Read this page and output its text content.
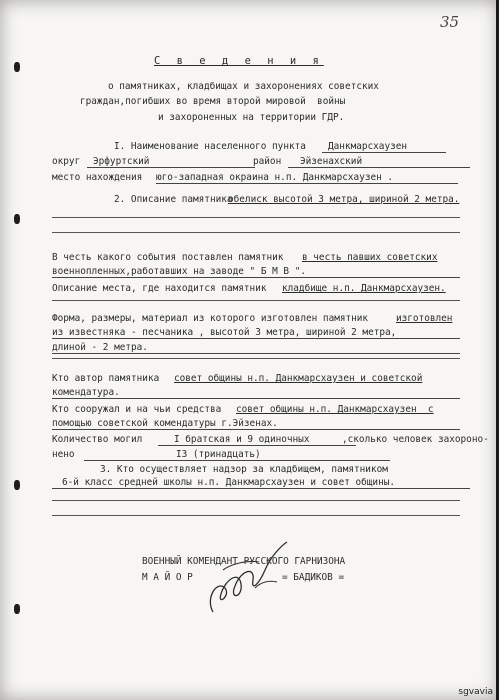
35
С в е д е н и я
о памятниках, кладбищах и захоронениях советских
граждан,погибших во время второй мировой  войны
и захороненных на территории ГДР.
I. Наименование населенного пункта	Данкмарсхаузен
округ	Эрфуртский	район	Эйзенахский
место нахождения юго-западная окраина н.п. Данкмарсхаузен .
2. Описание памятника
обелиск высотой 3 метра, шириной 2 метра.
В честь какого события поставлен памятник в честь павших советских
военнопленных,работавших на заводе " Б М В ".
Описание места, где находится памятник кладбище н.п. Данкмарсхаузен.
Форма, размеры, материал из которого изготовлен памятник	изготовлен
из известняка - песчаника , высотой 3 метра, шириной 2 метра,
длиной - 2 метра.
Кто автор памятника совет общины н.п. Данкмарсхаузен и советской
комендатура.
Кто сооружал и на чьи средства совет общины н.п. Данкмарсхаузен  с
помощью советской комендатуры г.Эйзенах.
Количество могил	I братская и 9 одиночных	,сколько человек захороно-
нено	I3 (тринадцать)
3. Кто осуществляет надзор за кладбищем, памятником
6-й класс средней школы н.п. Данкмарсхаузен и совет общины.
ВОЕННЫЙ КОМЕНДАНТ РУССКОГО ГАРНИЗОНА
М А Й О Р	= БАДИКОВ =
sgvavia
